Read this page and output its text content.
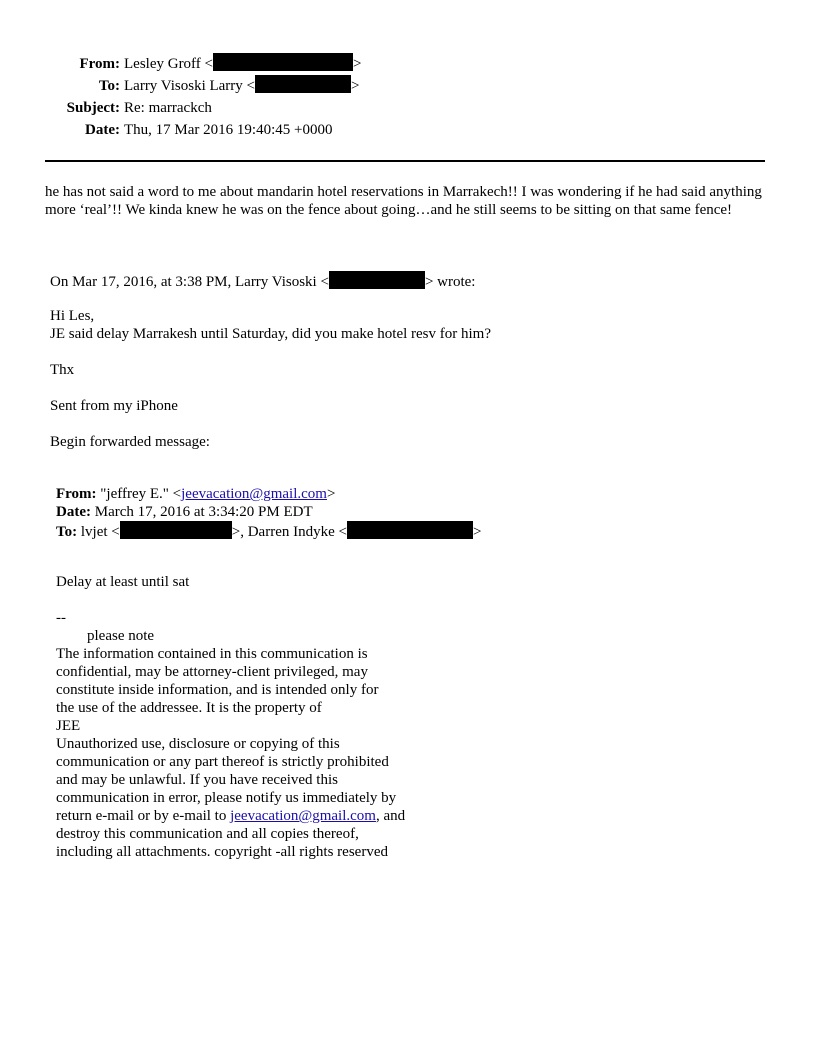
From: Lesley Groff <	>
To: Larry Visoski Larry <	>
Subject: Re: marrackch
Date: Thu, 17 Mar 2016 19:40:45 +0000
he has not said a word to me about mandarin hotel reservations in Marrakech!! I was wondering if he had said anything more ‘real’!! We kinda knew he was on the fence about going…and he still seems to be sitting on that same fence!
On Mar 17, 2016, at 3:38 PM, Larry Visoski <	> wrote:
Hi Les,
JE said delay Marrakesh until Saturday, did you make hotel resv for him?
Thx
Sent from my iPhone
Begin forwarded message:
From: "jeffrey E." <jeevacation@gmail.com>
Date: March 17, 2016 at 3:34:20 PM EDT
To: lvjet <	>, Darren Indyke <	>
Delay at least until sat
--
please note
The information contained in this communication is
confidential, may be attorney-client privileged, may
constitute inside information, and is intended only for
the use of the addressee. It is the property of
JEE
Unauthorized use, disclosure or copying of this
communication or any part thereof is strictly prohibited
and may be unlawful. If you have received this
communication in error, please notify us immediately by
return e-mail or by e-mail to jeevacation@gmail.com, and
destroy this communication and all copies thereof,
including all attachments. copyright -all rights reserved
